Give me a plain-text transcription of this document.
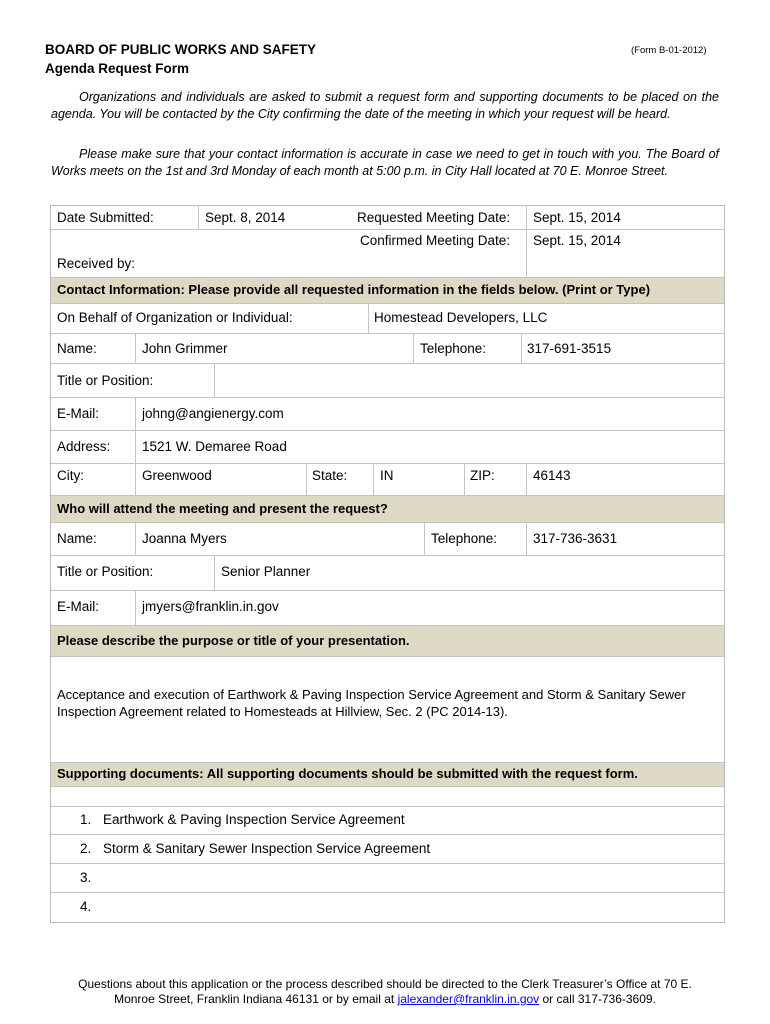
BOARD OF PUBLIC WORKS AND SAFETY
Agenda Request Form
(Form B-01-2012)
Organizations and individuals are asked to submit a request form and supporting documents to be placed on the agenda. You will be contacted by the City confirming the date of the meeting in which your request will be heard.
Please make sure that your contact information is accurate in case we need to get in touch with you. The Board of Works meets on the 1st and 3rd Monday of each month at 5:00 p.m. in City Hall located at 70 E. Monroe Street.
Date Submitted:	Sept. 8, 2014	Requested Meeting Date: Sept. 15, 2014
Confirmed Meeting Date: Sept. 15, 2014
Received by:
Contact Information: Please provide all requested information in the fields below. (Print or Type)
On Behalf of Organization or Individual:	Homestead Developers, LLC
Name:	John Grimmer	Telephone:	317-691-3515
Title or Position:
E-Mail:	johng@angienergy.com
Address: 1521 W. Demaree Road
City:	Greenwood	State: IN	ZIP:	46143
Who will attend the meeting and present the request?
Name:	Joanna Myers	Telephone:	317-736-3631
Title or Position:	Senior Planner
E-Mail:	jmyers@franklin.in.gov
Please describe the purpose or title of your presentation.
Acceptance and execution of Earthwork & Paving Inspection Service Agreement and Storm & Sanitary Sewer Inspection Agreement related to Homesteads at Hillview, Sec. 2 (PC 2014-13).
Supporting documents: All supporting documents should be submitted with the request form.
1. Earthwork & Paving Inspection Service Agreement
2. Storm & Sanitary Sewer Inspection Service Agreement
3.
4.
Questions about this application or the process described should be directed to the Clerk Treasurer’s Office at 70 E.
Monroe Street, Franklin Indiana 46131 or by email at jalexander@franklin.in.gov or call 317-736-3609.
